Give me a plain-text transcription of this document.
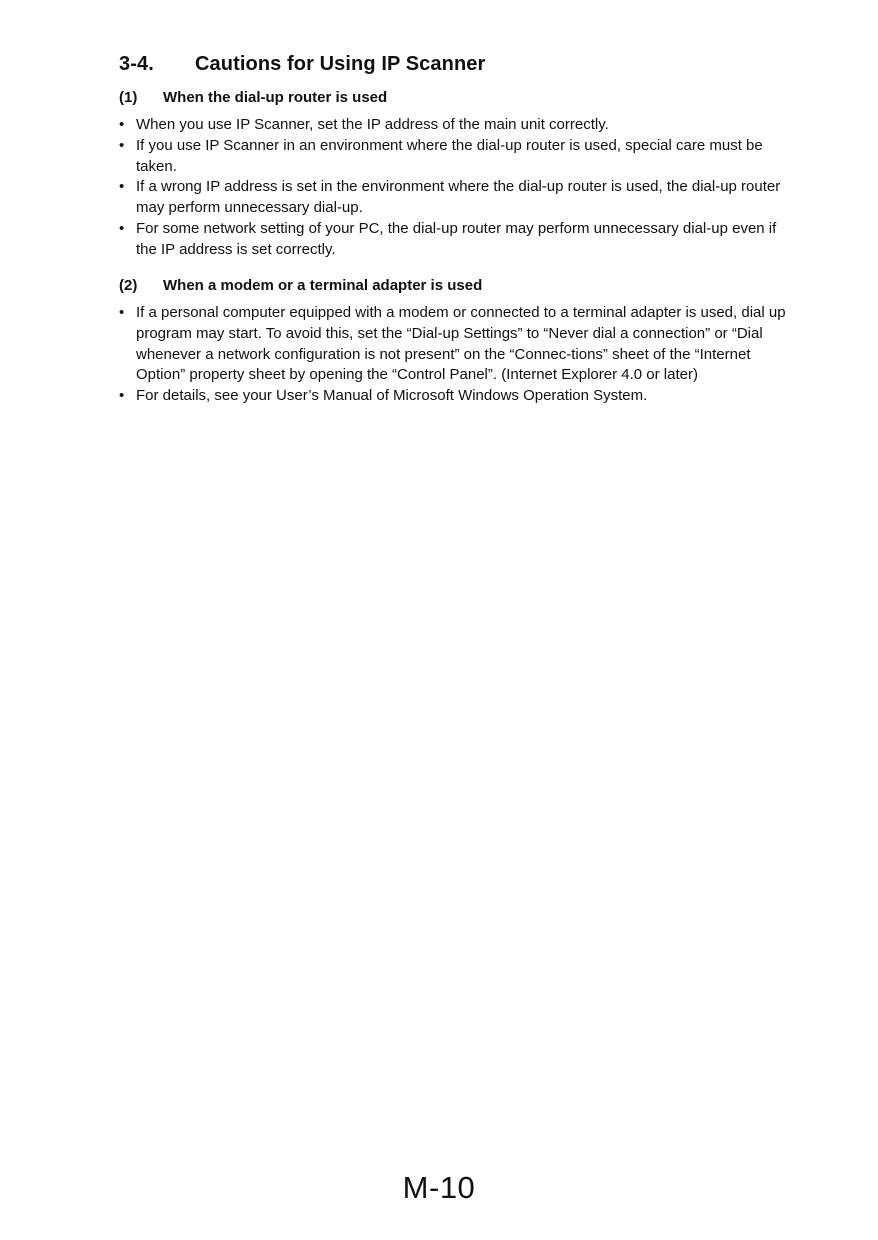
3-4. Cautions for Using IP Scanner
(1) When the dial-up router is used
• When you use IP Scanner, set the IP address of the main unit correctly.
• If you use IP Scanner in an environment where the dial-up router is used, special care must be taken.
• If a wrong IP address is set in the environment where the dial-up router is used, the dial-up router may perform unnecessary dial-up.
• For some network setting of your PC, the dial-up router may perform unnecessary dial-up even if the IP address is set correctly.
(2) When a modem or a terminal adapter is used
• If a personal computer equipped with a modem or connected to a terminal adapter is used, dial up program may start. To avoid this, set the “Dial-up Settings” to “Never dial a connection” or “Dial whenever a network configuration is not present” on the “Connec-tions” sheet of the “Internet Option” property sheet by opening the “Control Panel”. (Internet Explorer 4.0 or later)
• For details, see your User’s Manual of Microsoft Windows Operation System.
M-10
